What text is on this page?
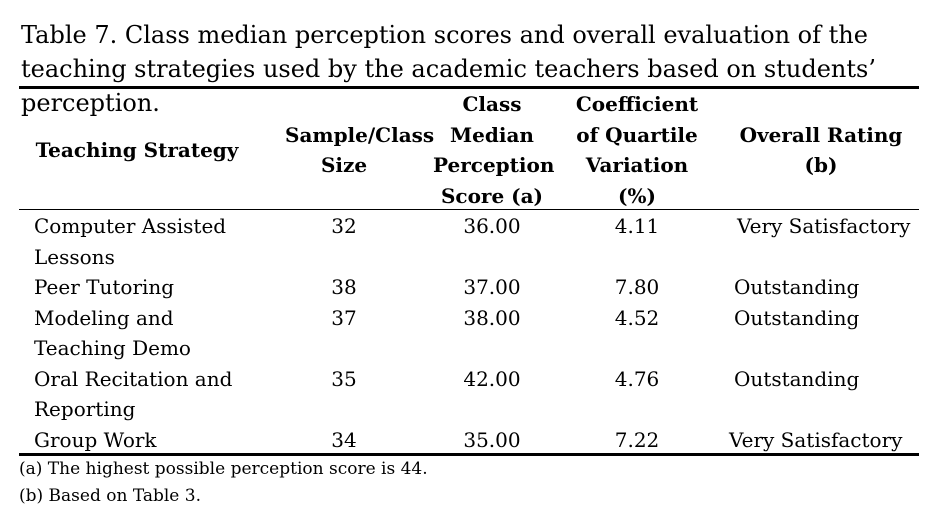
Table 7. Class median perception scores and overall evaluation of the teaching strategies used by the academic teachers based on students’ perception.
Teaching Strategy	Sample/Class Size	Class Median Perception Score (a)	Coefficient of Quartile Variation (%)	Overall Rating (b)

Computer Assisted Lessons	32	36.00	4.11	Very Satisfactory

Peer Tutoring	38	37.00	7.80	Outstanding

Modeling and Teaching Demo	37	38.00	4.52	Outstanding

Oral Recitation and Reporting	35	42.00	4.76	Outstanding

Group Work	34	35.00	7.22	Very Satisfactory
(a) The highest possible perception score is 44.
(b) Based on Table 3.
